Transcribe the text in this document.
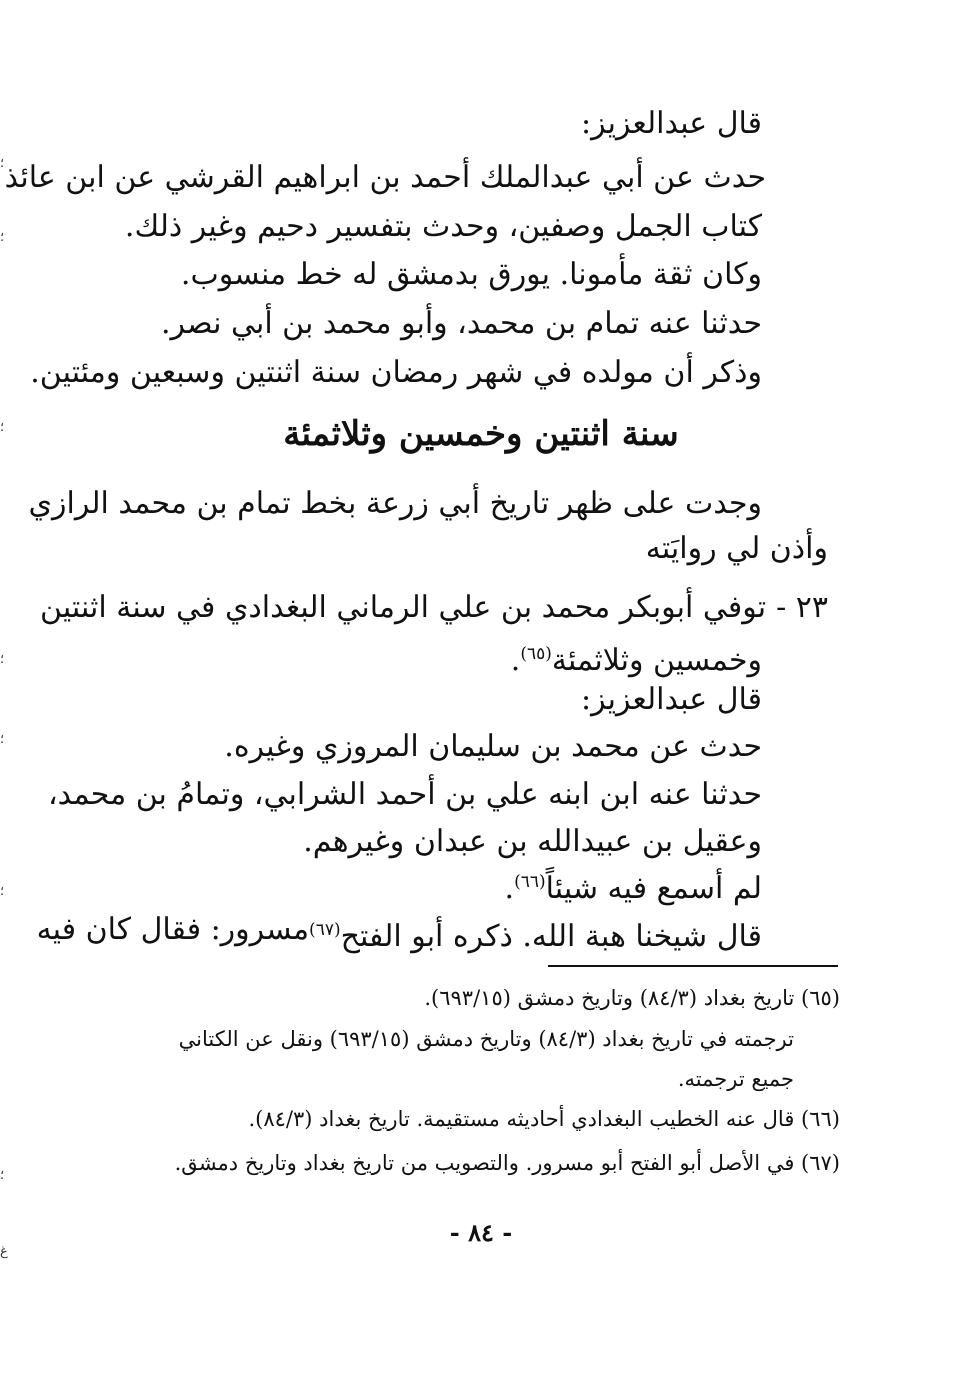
قال عبدالعزيز:
حدث عن أبي عبدالملك أحمد بن ابراهيم القرشي عن ابن عائذ
كتاب الجمل وصفين، وحدث بتفسير دحيم وغير ذلك.
وكان ثقة مأمونا. يورق بدمشق له خط منسوب.
حدثنا عنه تمام بن محمد، وأبو محمد بن أبي نصر.
وذكر أن مولده في شهر رمضان سنة اثنتين وسبعين ومئتين.
سنة اثنتين وخمسين وثلاثمئة
وجدت على ظهر تاريخ أبي زرعة بخط تمام بن محمد الرازي
وأذن لي روايَته
٢٣ -
توفي أبوبكر محمد بن علي الرماني البغدادي في سنة اثنتين
وخمسين وثلاثمئة$^{(٦٥)}$.
قال عبدالعزيز:
حدث عن محمد بن سليمان المروزي وغيره.
حدثنا عنه ابن ابنه علي بن أحمد الشرابي، وتمامُ بن محمد،
وعقيل بن عبيدالله بن عبدان وغيرهم.
لم أسمع فيه شيئاً$^{(٦٦)}$.
قال شيخنا هبة الله. ذكره أبو الفتح$^{(٦٧)}$
مسرور: فقال كان فيه
(٦٥) تاريخ بغداد (٨٤/٣) وتاريخ دمشق (٦٩٣/١٥).
ترجمته في تاريخ بغداد (٨٤/٣) وتاريخ دمشق (٦٩٣/١٥) ونقل عن الكتاني
جميع ترجمته.
(٦٦) قال عنه الخطيب البغدادي أحاديثه مستقيمة. تاريخ بغداد (٨٤/٣).
(٦٧) في الأصل أبو الفتح أبو مسرور. والتصويب من تاريخ بغداد وتاريخ دمشق.
- ٨٤ -
؛
؛
؛
؛
؛
؛
؛
غ
